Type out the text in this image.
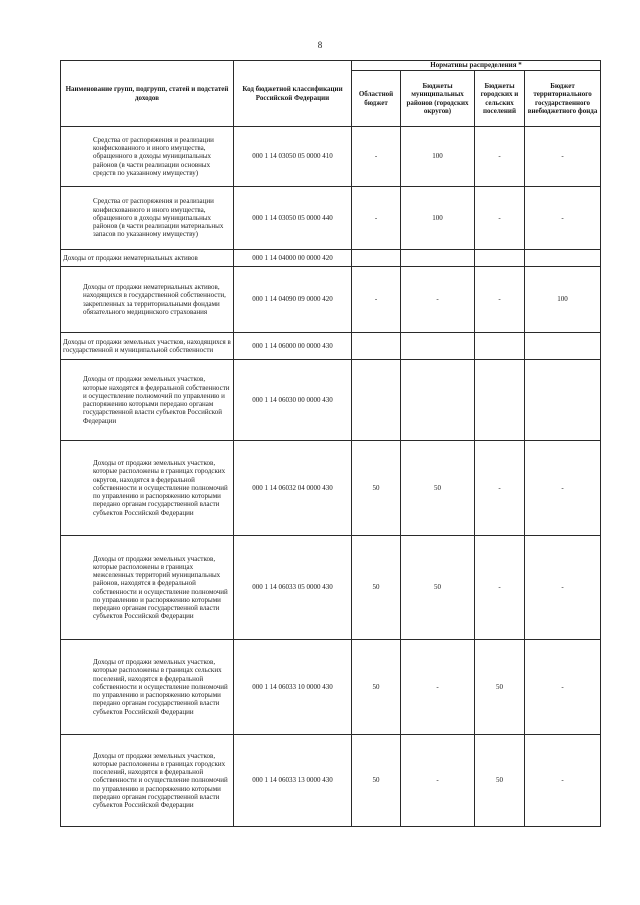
8
Наименование групп, подгрупп, статей и подстатей доходов	Код бюджетной классификации Российской Федерации	Нормативы распределения *			
		Областной бюджет	Бюджеты муниципальных районов (городских округов)	Бюджеты городских и сельских поселений	Бюджет территориального государственного внебюджетного фонда
Средства от распоряжения и реализации конфискованного и иного имущества, обращенного в доходы муниципальных районов (в части реализации основных средств по указанному имуществу)	000 1 14 03050 05 0000 410	-	100	-	-
Средства от распоряжения и реализации конфискованного и иного имущества, обращенного в доходы муниципальных районов (в части реализации материальных запасов по указанному имуществу)	000 1 14 03050 05 0000 440	-	100	-	-
Доходы от продажи нематериальных активов	000 1 14 04000 00 0000 420				
Доходы от продажи нематериальных активов, находящихся в государственной собственности, закрепленных за территориальными фондами обязательного медицинского страхования	000 1 14 04090 09 0000 420	-	-	-	100
Доходы от продажи земельных участков, находящихся в государственной и муниципальной собственности	000 1 14 06000 00 0000 430				
Доходы от продажи земельных участков, которые находятся в федеральной собственности и осуществление полномочий по управлению и распоряжению которыми передано органам государственной власти субъектов Российской Федерации	000 1 14 06030 00 0000 430				
Доходы от продажи земельных участков, которые расположены в границах городских округов, находятся в федеральной собственности и осуществление полномочий по управлению и распоряжению которыми передано органам государственной власти субъектов Российской Федерации	000 1 14 06032 04 0000 430	50	50	-	-
Доходы от продажи земельных участков, которые расположены в границах межселенных территорий муниципальных районов, находятся в федеральной собственности и осуществление полномочий по управлению и распоряжению которыми передано органам государственной власти субъектов Российской Федерации	000 1 14 06033 05 0000 430	50	50	-	-
Доходы от продажи земельных участков, которые расположены в границах сельских поселений, находятся в федеральной собственности и осуществление полномочий по управлению и распоряжению которыми передано органам государственной власти субъектов Российской Федерации	000 1 14 06033 10 0000 430	50	-	50	-
Доходы от продажи земельных участков, которые расположены в границах городских поселений, находятся в федеральной собственности и осуществление полномочий по управлению и распоряжению которыми передано органам государственной власти субъектов Российской Федерации	000 1 14 06033 13 0000 430	50	-	50	-
